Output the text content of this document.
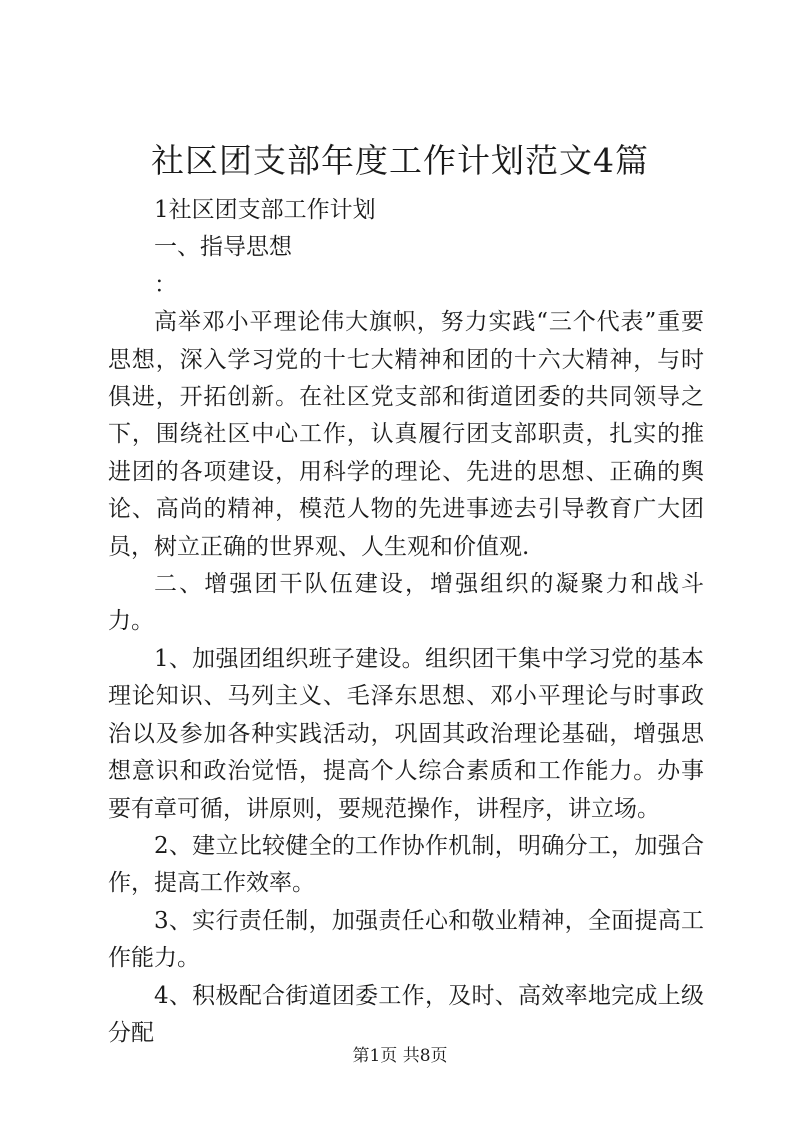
社区团支部年度工作计划范文4篇

1社区团支部工作计划

一、指导思想

：

高举邓小平理论伟大旗帜，努力实践“三个代表”重要思想，深入学习党的十七大精神和团的十六大精神，与时俱进，开拓创新。在社区党支部和街道团委的共同领导之下，围绕社区中心工作，认真履行团支部职责，扎实的推进团的各项建设，用科学的理论、先进的思想、正确的舆论、高尚的精神，模范人物的先进事迹去引导教育广大团员，树立正确的世界观、人生观和价值观.

二、增强团干队伍建设，增强组织的凝聚力和战斗力。

1、加强团组织班子建设。组织团干集中学习党的基本理论知识、马列主义、毛泽东思想、邓小平理论与时事政治以及参加各种实践活动，巩固其政治理论基础，增强思想意识和政治觉悟，提高个人综合素质和工作能力。办事要有章可循，讲原则，要规范操作，讲程序，讲立场。

2、建立比较健全的工作协作机制，明确分工，加强合作，提高工作效率。

3、实行责任制，加强责任心和敬业精神，全面提高工作能力。

4、积极配合街道团委工作，及时、高效率地完成上级分配

第1页 共8页
